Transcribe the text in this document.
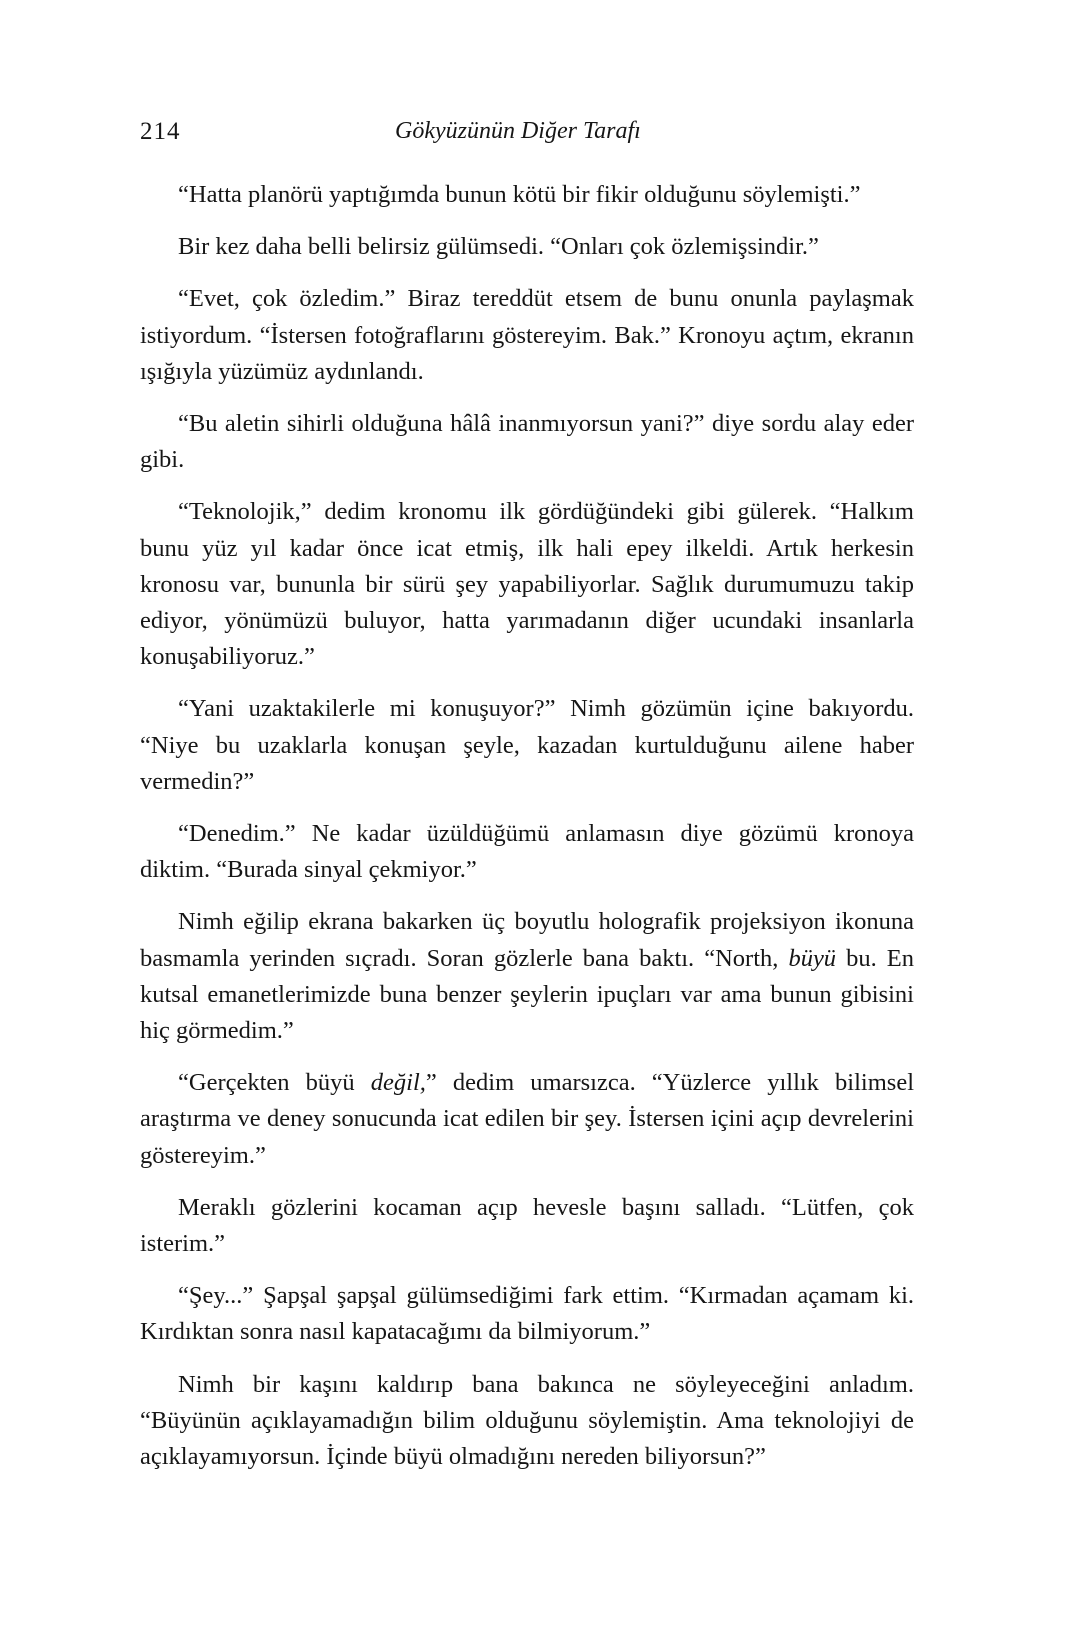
214	Gökyüzünün Diğer Tarafı

“Hatta planörü yaptığımda bunun kötü bir fikir olduğunu söylemişti.”

Bir kez daha belli belirsiz gülümsedi. “Onları çok özlemişsindir.”

“Evet, çok özledim.” Biraz tereddüt etsem de bunu onunla paylaşmak istiyordum. “İstersen fotoğraflarını göstereyim. Bak.” Kronoyu açtım, ekranın ışığıyla yüzümüz aydınlandı.

“Bu aletin sihirli olduğuna hâlâ inanmıyorsun yani?” diye sordu alay eder gibi.

“Teknolojik,” dedim kronomu ilk gördüğündeki gibi gülerek. “Halkım bunu yüz yıl kadar önce icat etmiş, ilk hali epey ilkeldi. Artık herkesin kronosu var, bununla bir sürü şey yapabiliyorlar. Sağlık durumumuzu takip ediyor, yönümüzü buluyor, hatta yarımadanın diğer ucundaki insanlarla konuşabiliyoruz.”

“Yani uzaktakilerle mi konuşuyor?” Nimh gözümün içine bakıyordu. “Niye bu uzaklarla konuşan şeyle, kazadan kurtulduğunu ailene haber vermedin?”

“Denedim.” Ne kadar üzüldüğümü anlamasın diye gözümü kronoya diktim. “Burada sinyal çekmiyor.”

Nimh eğilip ekrana bakarken üç boyutlu holografik projeksiyon ikonuna basmamla yerinden sıçradı. Soran gözlerle bana baktı. “North, büyü bu. En kutsal emanetlerimizde buna benzer şeylerin ipuçları var ama bunun gibisini hiç görmedim.”

“Gerçekten büyü değil,” dedim umarsızca. “Yüzlerce yıllık bilimsel araştırma ve deney sonucunda icat edilen bir şey. İstersen içini açıp devrelerini göstereyim.”

Meraklı gözlerini kocaman açıp hevesle başını salladı. “Lütfen, çok isterim.”

“Şey...” Şapşal şapşal gülümsediğimi fark ettim. “Kırmadan açamam ki. Kırdıktan sonra nasıl kapatacağımı da bilmiyorum.”

Nimh bir kaşını kaldırıp bana bakınca ne söyleyeceğini anladım. “Büyünün açıklayamadığın bilim olduğunu söylemiştin. Ama teknolojiyi de açıklayamıyorsun. İçinde büyü olmadığını nereden biliyorsun?”
